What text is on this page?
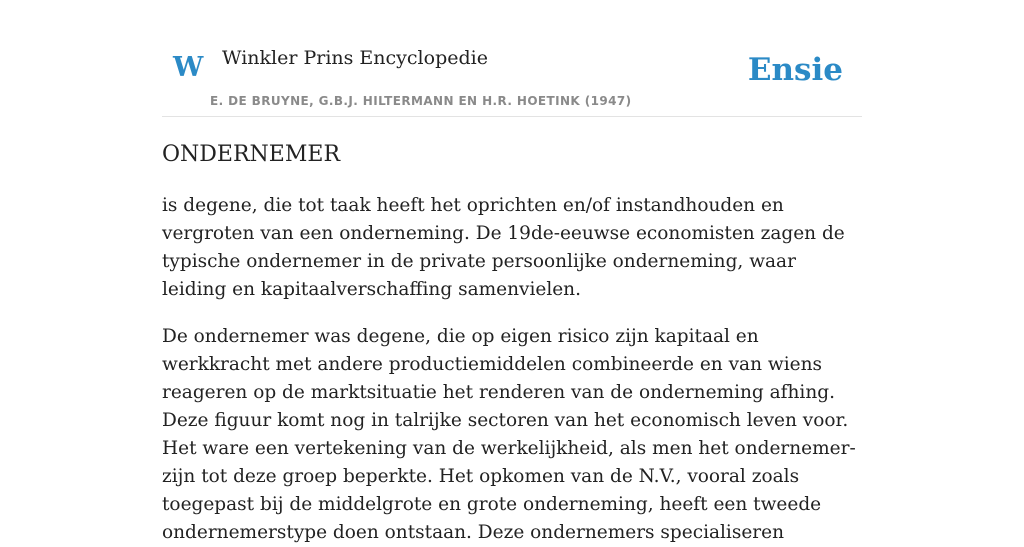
W Winkler Prins Encyclopedie
E. DE BRUYNE, G.B.J. HILTERMANN EN H.R. HOETINK (1947)
Ensie
ONDERNEMER

is degene, die tot taak heeft het oprichten en/of instandhouden en vergroten van een onderneming. De 19de-eeuwse economisten zagen de typische ondernemer in de private persoonlijke onderneming, waar leiding en kapitaalverschaffing samenvielen.

De ondernemer was degene, die op eigen risico zijn kapitaal en werkkracht met andere productiemiddelen combineerde en van wiens reageren op de marktsituatie het renderen van de onderneming afhing. Deze figuur komt nog in talrijke sectoren van het economisch leven voor. Het ware een vertekening van de werkelijkheid, als men het ondernemer-zijn tot deze groep beperkte. Het opkomen van de N.V., vooral zoals toegepast bij de middelgrote en grote onderneming, heeft een tweede ondernemerstype doen ontstaan. Deze ondernemers specialiseren
